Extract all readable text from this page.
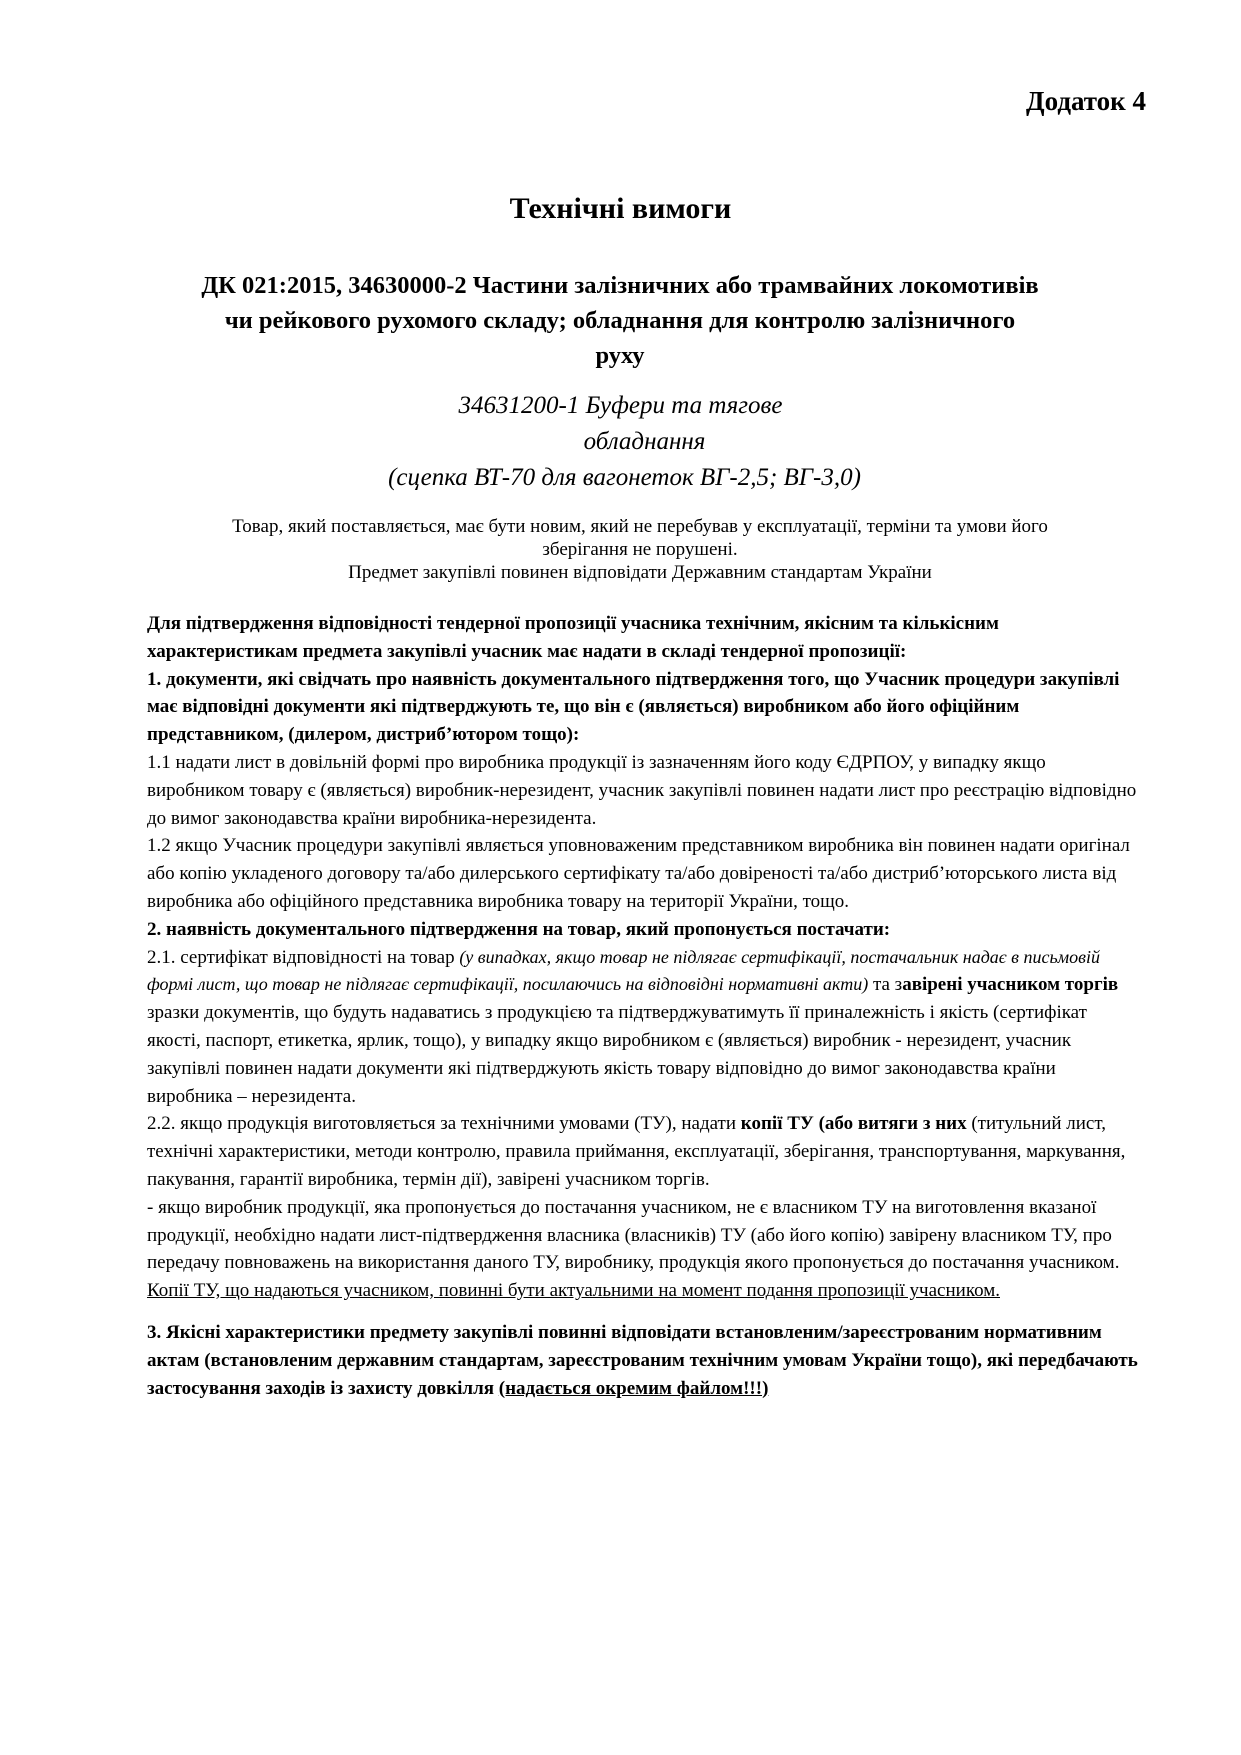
Додаток 4
Технічні вимоги
ДК 021:2015, 34630000-2 Частини залізничних або трамвайних локомотивів
чи рейкового рухомого складу; обладнання для контролю залізничного
руху
34631200-1 Буфери та тягове
обладнання
(сцепка ВТ-70 для вагонеток ВГ-2,5; ВГ-3,0)
Товар, який поставляється, має бути новим, який не перебував у експлуатації, терміни та умови його
зберігання не порушені.
Предмет закупівлі повинен відповідати Державним стандартам України

Для підтвердження відповідності тендерної пропозиції учасника технічним, якісним та кількісним характеристикам предмета закупівлі учасник має надати в складі тендерної пропозиції:

1. документи, які свідчать про наявність документального підтвердження того, що Учасник процедури закупівлі має відповідні документи які підтверджують те, що він є (являється) виробником або його офіційним представником, (дилером, дистриб’ютором тощо):

1.1 надати лист в довільній формі про виробника продукції із зазначенням його коду ЄДРПОУ, у випадку якщо виробником товару є (являється) виробник-нерезидент, учасник закупівлі повинен надати лист про реєстрацію відповідно до вимог законодавства країни виробника-нерезидента.

1.2 якщо Учасник процедури закупівлі являється уповноваженим представником виробника він повинен надати оригінал або копію укладеного договору та/або дилерського сертифікату та/або довіреності та/або дистриб’юторського листа від виробника або офіційного представника виробника товару на території України, тощо.

2. наявність документального підтвердження на товар, який пропонується постачати:

2.1. сертифікат відповідності на товар (у випадках, якщо товар не підлягає сертифікації, постачальник надає в письмовій формі лист, що товар не підлягає сертифікації, посилаючись на відповідні нормативні акти) та завірені учасником торгів зразки документів, що будуть надаватись з продукцією та підтверджуватимуть її приналежність і якість (сертифікат якості, паспорт, етикетка, ярлик, тощо), у випадку якщо виробником є (являється) виробник - нерезидент, учасник закупівлі повинен надати документи які підтверджують якість товару відповідно до вимог законодавства країни виробника – нерезидента.

2.2. якщо продукція виготовляється за технічними умовами (ТУ), надати копії ТУ (або витяги з них (титульний лист, технічні характеристики, методи контролю, правила приймання, експлуатації, зберігання, транспортування, маркування, пакування, гарантії виробника, термін дії), завірені учасником торгів.

- якщо виробник продукції, яка пропонується до постачання учасником, не є власником ТУ на виготовлення вказаної продукції, необхідно надати лист-підтвердження власника (власників) ТУ (або його копію) завірену власником ТУ, про передачу повноважень на використання даного ТУ, виробнику, продукція якого пропонується до постачання учасником.

Копії ТУ, що надаються учасником, повинні бути актуальними на момент подання пропозиції учасником.

3. Якісні характеристики предмету закупівлі повинні відповідати встановленим/зареєстрованим нормативним актам (встановленим державним стандартам, зареєстрованим технічним умовам України тощо), які передбачають застосування заходів із захисту довкілля (надається окремим файлом!!!)
